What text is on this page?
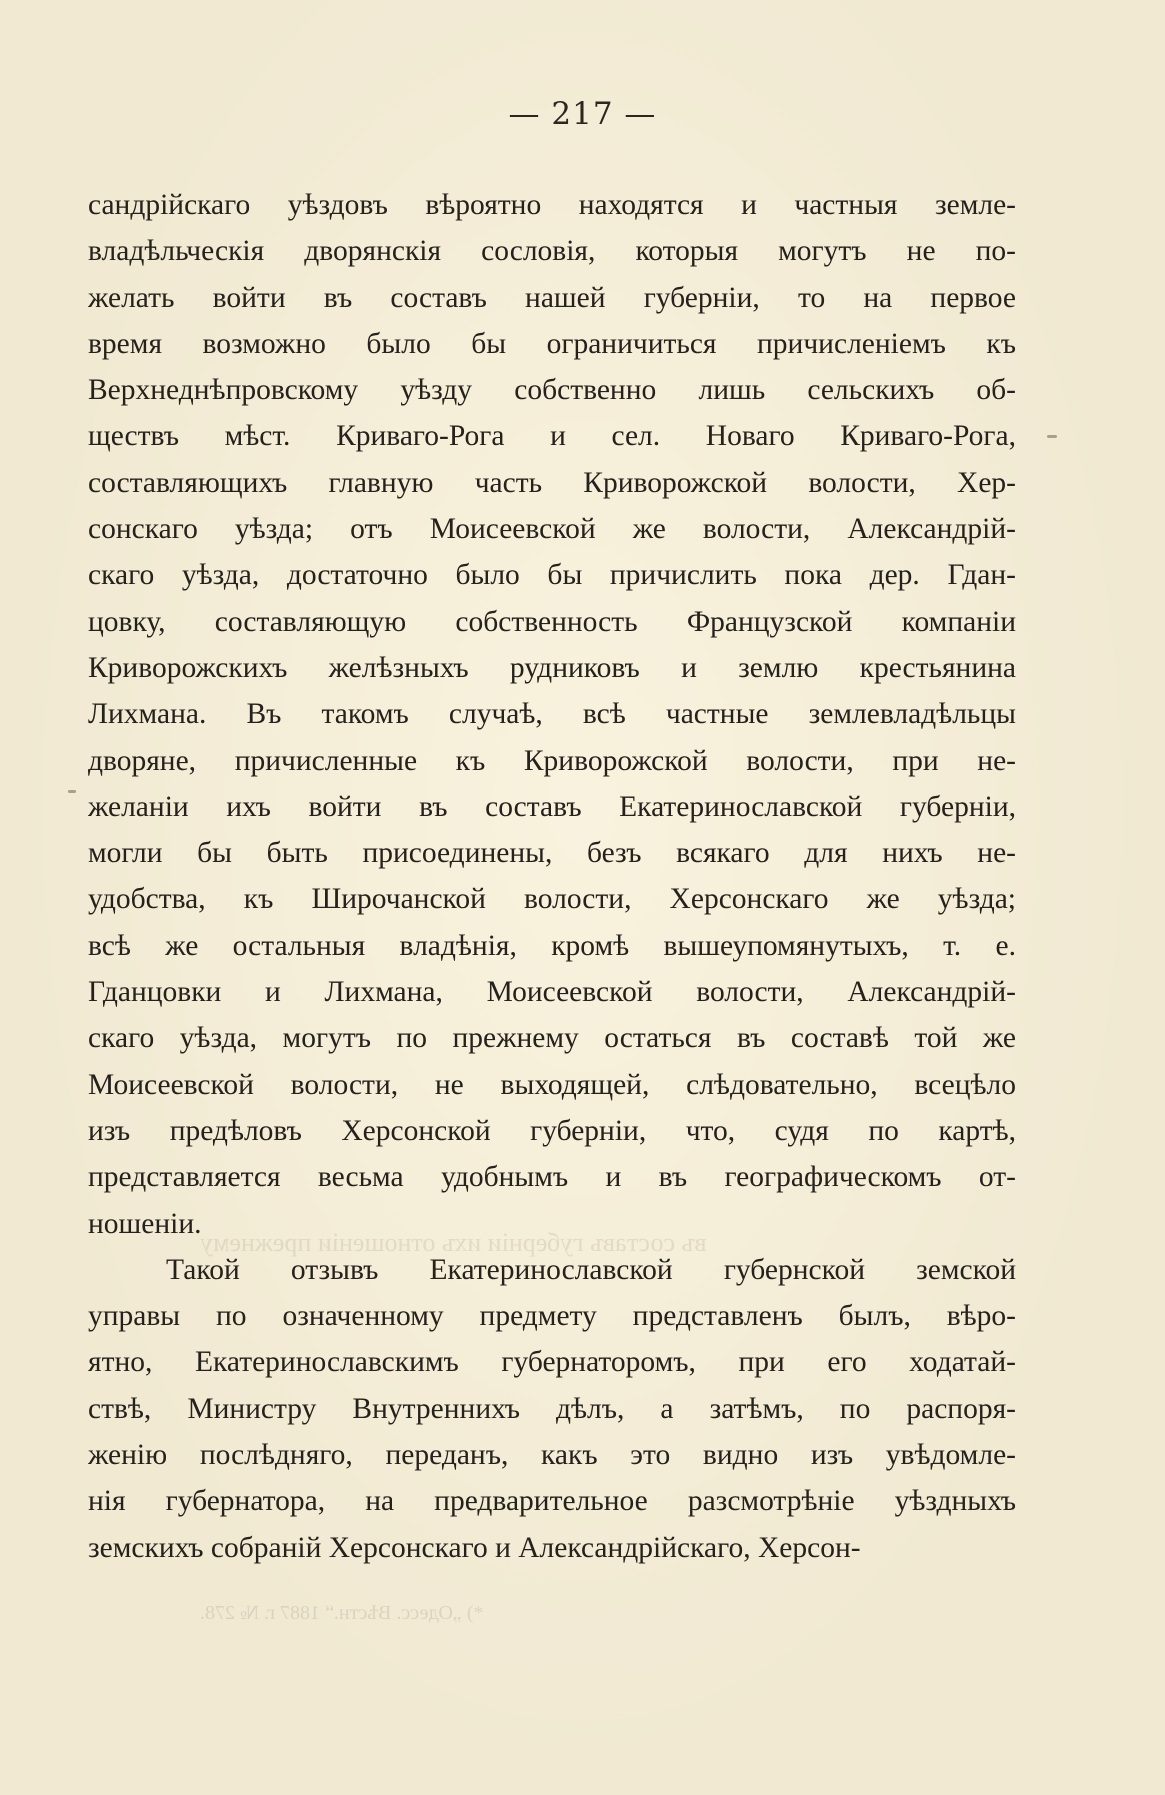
— 217 —
сандрійскаго уѣздовъ вѣроятно находятся и частныя земле-
владѣльческія дворянскія сословія, которыя могутъ не по-
желать войти въ составъ нашей губерніи, то на первое
время возможно было бы ограничиться причисленіемъ къ
Верхнеднѣпровскому уѣзду собственно лишь сельскихъ об-
ществъ мѣст. Криваго-Рога и сел. Новаго Криваго-Рога,
составляющихъ главную часть Криворожской волости, Хер-
сонскаго уѣзда; отъ Моисеевской же волости, Александрій-
скаго уѣзда, достаточно было бы причислить пока дер. Гдан-
цовку, составляющую собственность Французской компаніи
Криворожскихъ желѣзныхъ рудниковъ и землю крестьянина
Лихмана. Въ такомъ случаѣ, всѣ частные землевладѣльцы
дворяне, причисленные къ Криворожской волости, при не-
желаніи ихъ войти въ составъ Екатеринославской губерніи,
могли бы быть присоединены, безъ всякаго для нихъ не-
удобства, къ Широчанской волости, Херсонскаго же уѣзда;
всѣ же остальныя владѣнія, кромѣ вышеупомянутыхъ, т. е.
Гданцовки и Лихмана, Моисеевской волости, Александрій-
скаго уѣзда, могутъ по прежнему остаться въ составѣ той же
Моисеевской волости, не выходящей, слѣдовательно, всецѣло
изъ предѣловъ Херсонской губерніи, что, судя по картѣ,
представляется весьма удобнымъ и въ географическомъ от-
ношеніи.
Такой отзывъ Екатеринославской губернской земской
управы по означенному предмету представленъ былъ, вѣро-
ятно, Екатеринославскимъ губернаторомъ, при его ходатай-
ствѣ, Министру Внутреннихъ дѣлъ, а затѣмъ, по распоря-
женію послѣдняго, переданъ, какъ это видно изъ увѣдомле-
нія губернатора, на предварительное разсмотрѣніе уѣздныхъ
земскихъ собраній Херсонскаго и Александрійскаго, Херсон-
въ составъ губерніи ихъ отношеніи прежнему
*) „Одесс. Вѣстн.“ 1887 г. № 278.
